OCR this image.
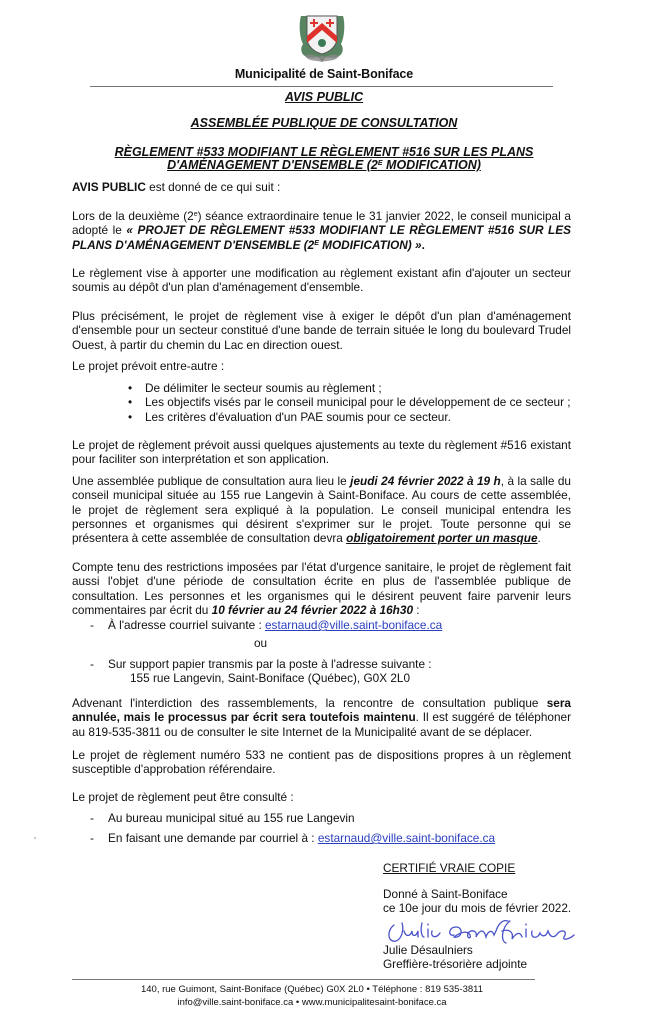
Municipalité de Saint-Boniface
AVIS PUBLIC
ASSEMBLÉE PUBLIQUE DE CONSULTATION
RÈGLEMENT #533 MODIFIANT LE RÈGLEMENT #516 SUR LES PLANS
D'AMÉNAGEMENT D'ENSEMBLE ($2^E$ MODIFICATION)
AVIS PUBLIC est donné de ce qui suit :
Lors de la deuxième (2e) séance extraordinaire tenue le 31 janvier 2022, le conseil municipal a adopté le « PROJET DE RÈGLEMENT #533 MODIFIANT LE RÈGLEMENT #516 SUR LES PLANS D'AMÉNAGEMENT D'ENSEMBLE ($2^E$ MODIFICATION) ».
Le règlement vise à apporter une modification au règlement existant afin d'ajouter un secteur soumis au dépôt d'un plan d'aménagement d'ensemble.
Plus précisément, le projet de règlement vise à exiger le dépôt d'un plan d'aménagement d'ensemble pour un secteur constitué d'une bande de terrain située le long du boulevard Trudel Ouest, à partir du chemin du Lac en direction ouest.
Le projet prévoit entre-autre :
• De délimiter le secteur soumis au règlement ;
• Les objectifs visés par le conseil municipal pour le développement de ce secteur ;
• Les critères d'évaluation d'un PAE soumis pour ce secteur.
Le projet de règlement prévoit aussi quelques ajustements au texte du règlement #516 existant pour faciliter son interprétation et son application.
Une assemblée publique de consultation aura lieu le jeudi 24 février 2022 à 19 h, à la salle du conseil municipal située au 155 rue Langevin à Saint-Boniface. Au cours de cette assemblée, le projet de règlement sera expliqué à la population. Le conseil municipal entendra les personnes et organismes qui désirent s'exprimer sur le projet. Toute personne qui se présentera à cette assemblée de consultation devra obligatoirement porter un masque.
Compte tenu des restrictions imposées par l'état d'urgence sanitaire, le projet de règlement fait aussi l'objet d'une période de consultation écrite en plus de l'assemblée publique de consultation. Les personnes et les organismes qui le désirent peuvent faire parvenir leurs commentaires par écrit du 10 février au 24 février 2022 à 16h30 :
- À l'adresse courriel suivante : estarnaud@ville.saint-boniface.ca
ou
- Sur support papier transmis par la poste à l'adresse suivante :
155 rue Langevin, Saint-Boniface (Québec), G0X 2L0
Advenant l'interdiction des rassemblements, la rencontre de consultation publique sera annulée, mais le processus par écrit sera toutefois maintenu. Il est suggéré de téléphoner au 819-535-3811 ou de consulter le site Internet de la Municipalité avant de se déplacer.
Le projet de règlement numéro 533 ne contient pas de dispositions propres à un règlement susceptible d'approbation référendaire.
Le projet de règlement peut être consulté :
- Au bureau municipal situé au 155 rue Langevin
- En faisant une demande par courriel à : estarnaud@ville.saint-boniface.ca
CERTIFIÉ VRAIE COPIE
Donné à Saint-Boniface
ce 10e jour du mois de février 2022.
Julie Désaulniers
Greffière-trésorière adjointe
140, rue Guimont, Saint-Boniface (Québec) G0X 2L0 • Téléphone : 819 535-3811
info@ville.saint-boniface.ca • www.municipalitesaint-boniface.ca
